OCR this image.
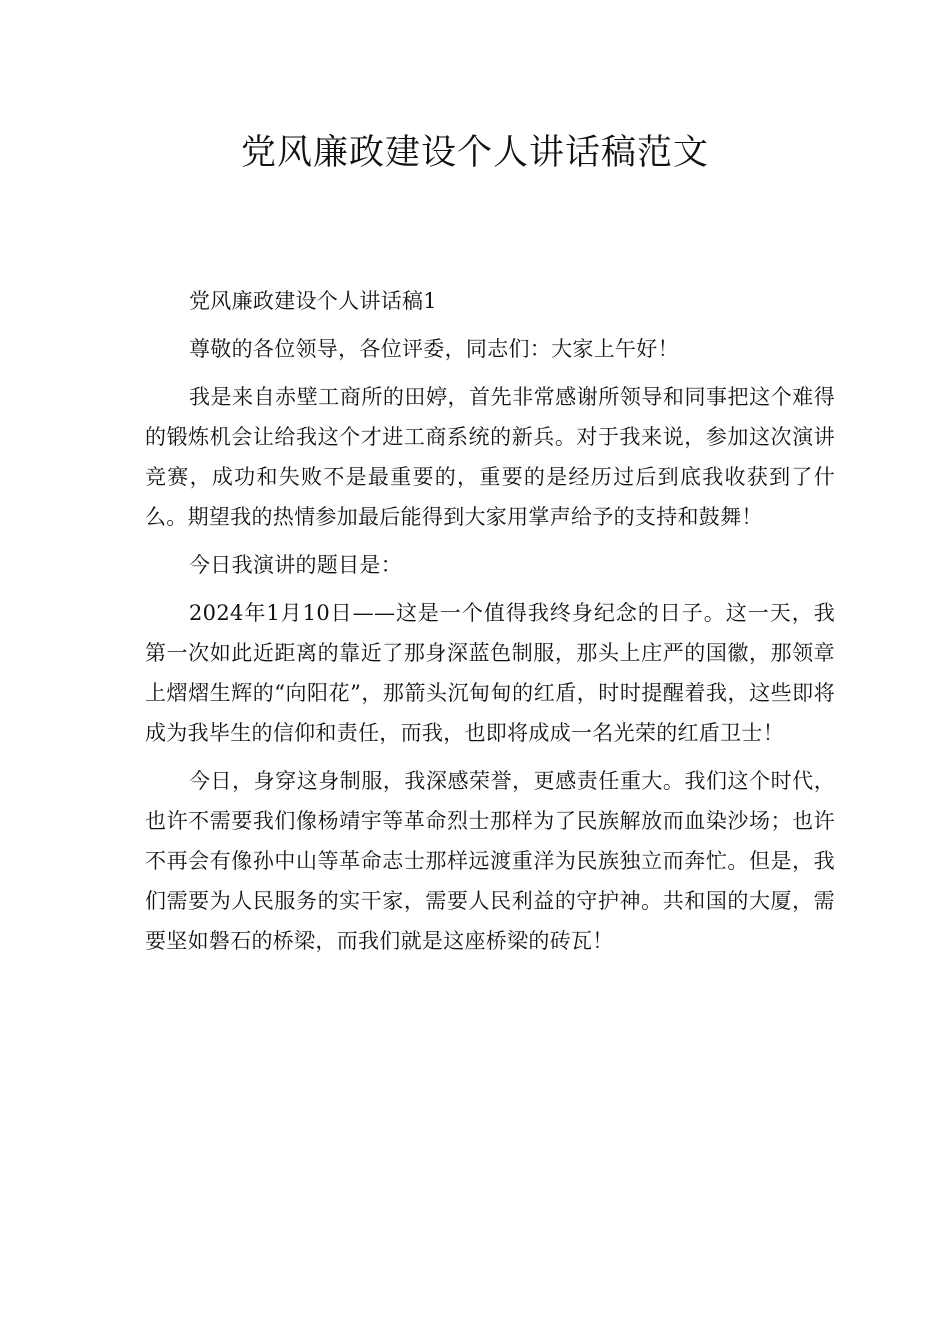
党风廉政建设个人讲话稿范文

党风廉政建设个人讲话稿1

尊敬的各位领导，各位评委，同志们：大家上午好！

我是来自赤壁工商所的田婷，首先非常感谢所领导和同事把这个难得的锻炼机会让给我这个才进工商系统的新兵。对于我来说，参加这次演讲竞赛，成功和失败不是最重要的，重要的是经历过后到底我收获到了什么。期望我的热情参加最后能得到大家用掌声给予的支持和鼓舞！

今日我演讲的题目是：

2024年1月10日——这是一个值得我终身纪念的日子。这一天，我第一次如此近距离的靠近了那身深蓝色制服，那头上庄严的国徽，那领章上熠熠生辉的“向阳花”，那箭头沉甸甸的红盾，时时提醒着我，这些即将成为我毕生的信仰和责任，而我，也即将成成一名光荣的红盾卫士！

今日，身穿这身制服，我深感荣誉，更感责任重大。我们这个时代，也许不需要我们像杨靖宇等革命烈士那样为了民族解放而血染沙场；也许不再会有像孙中山等革命志士那样远渡重洋为民族独立而奔忙。但是，我们需要为人民服务的实干家，需要人民利益的守护神。共和国的大厦，需要坚如磐石的桥梁，而我们就是这座桥梁的砖瓦！
